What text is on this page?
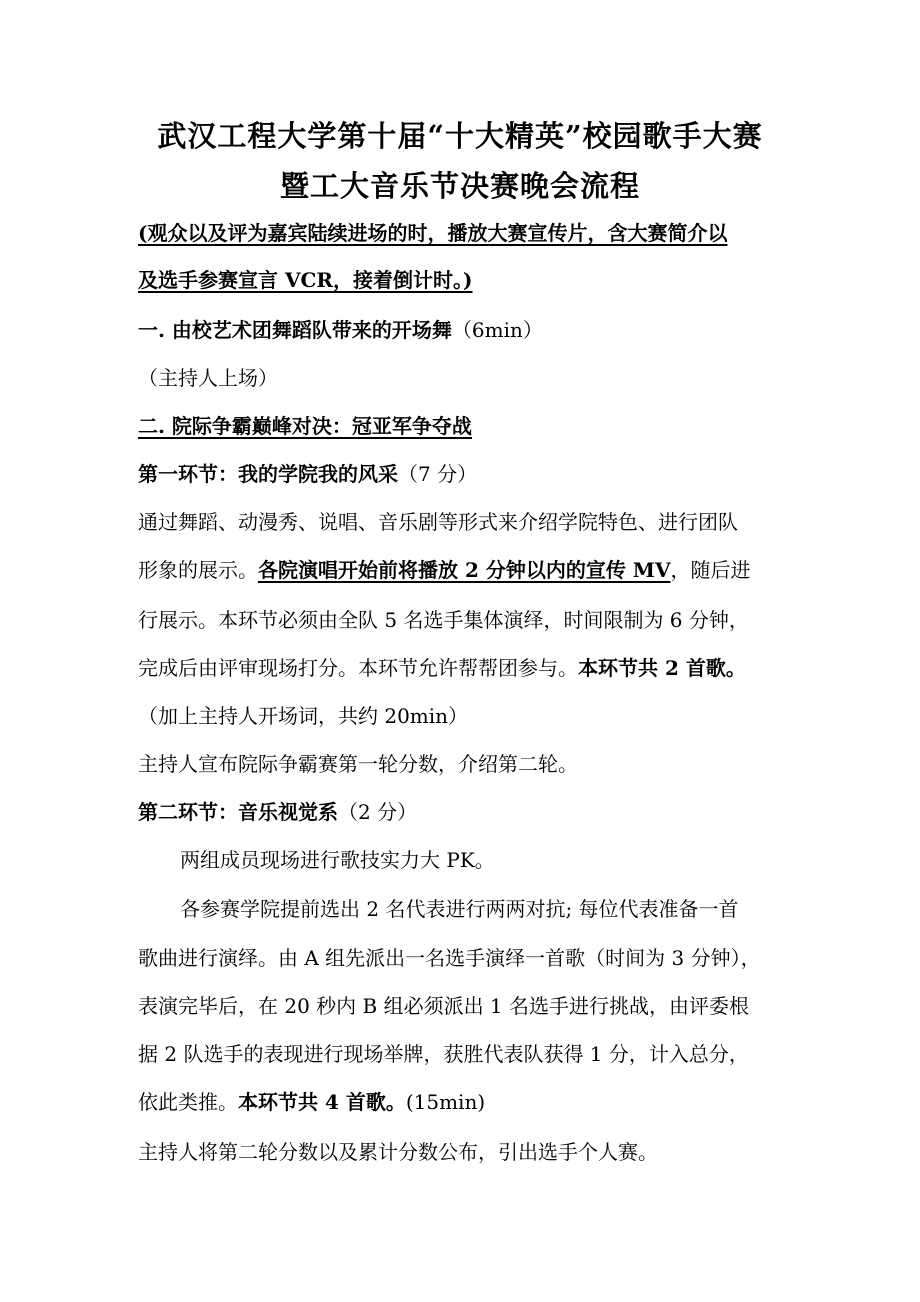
武汉工程大学第十届“十大精英”校园歌手大赛
暨工大音乐节决赛晚会流程
(观众以及评为嘉宾陆续进场的时，播放大赛宣传片，含大赛简介以
及选手参赛宣言 VCR，接着倒计时。)
一. 由校艺术团舞蹈队带来的开场舞（6min）
（主持人上场）
二. 院际争霸巅峰对决：冠亚军争夺战
第一环节：我的学院我的风采（7 分）
通过舞蹈、动漫秀、说唱、音乐剧等形式来介绍学院特色、进行团队
形象的展示。各院演唱开始前将播放 2 分钟以内的宣传 MV，随后进
行展示。本环节必须由全队 5 名选手集体演绎，时间限制为 6 分钟，
完成后由评审现场打分。本环节允许帮帮团参与。本环节共 2 首歌。
（加上主持人开场词，共约 20min）
主持人宣布院际争霸赛第一轮分数，介绍第二轮。
第二环节：音乐视觉系（2 分）
两组成员现场进行歌技实力大 PK。
各参赛学院提前选出 2 名代表进行两两对抗; 每位代表准备一首
歌曲进行演绎。由 A 组先派出一名选手演绎一首歌（时间为 3 分钟），
表演完毕后，在 20 秒内 B 组必须派出 1 名选手进行挑战，由评委根
据 2 队选手的表现进行现场举牌，获胜代表队获得 1 分，计入总分，
依此类推。本环节共 4 首歌。(15min)
主持人将第二轮分数以及累计分数公布，引出选手个人赛。
